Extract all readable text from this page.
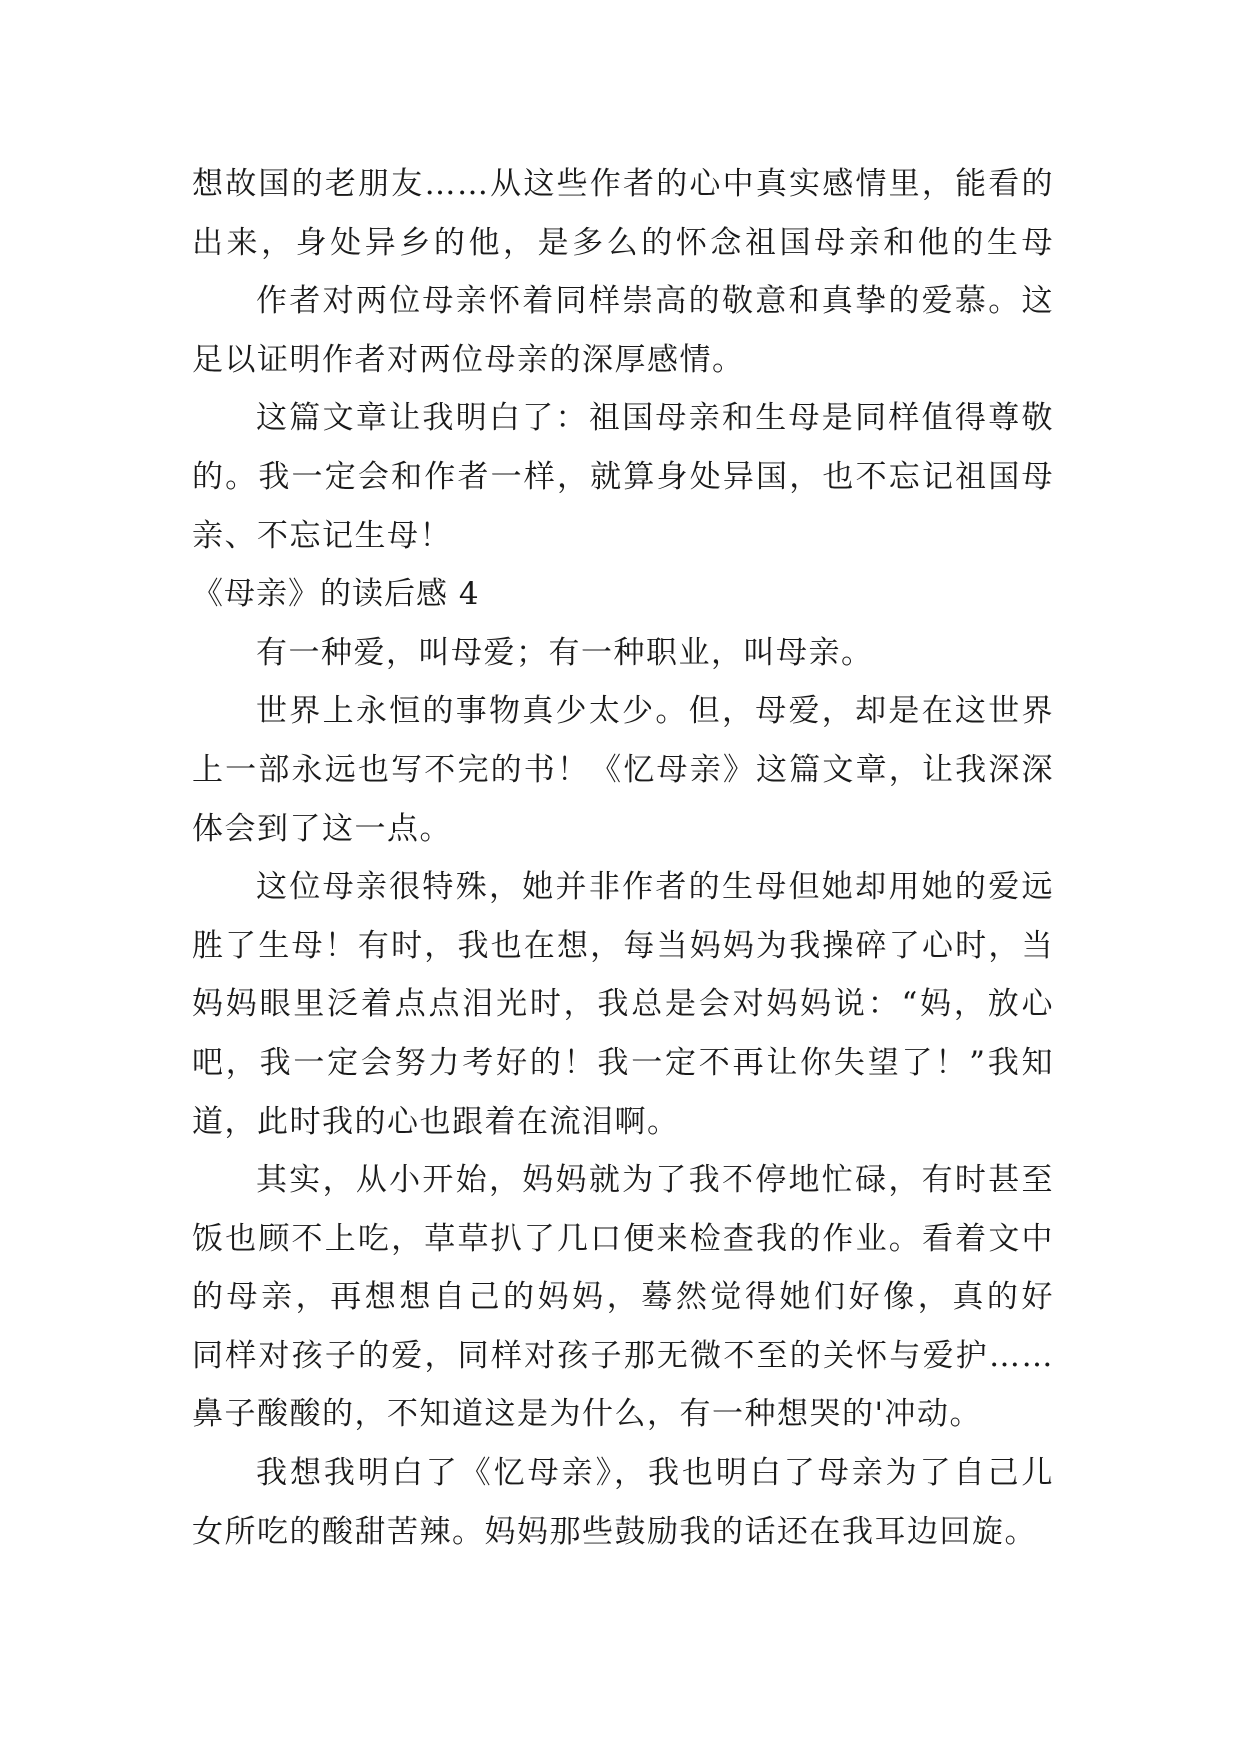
想故国的老朋友……从这些作者的心中真实感情里，能看的
出来，身处异乡的他，是多么的怀念祖国母亲和他的生母
作者对两位母亲怀着同样崇高的敬意和真挚的爱慕。这
足以证明作者对两位母亲的深厚感情。
这篇文章让我明白了：祖国母亲和生母是同样值得尊敬
的。我一定会和作者一样，就算身处异国，也不忘记祖国母
亲、不忘记生母！
《母亲》的读后感 4
有一种爱，叫母爱；有一种职业，叫母亲。
世界上永恒的事物真少太少。但，母爱，却是在这世界
上一部永远也写不完的书！《忆母亲》这篇文章，让我深深
体会到了这一点。
这位母亲很特殊，她并非作者的生母但她却用她的爱远
胜了生母！有时，我也在想，每当妈妈为我操碎了心时，当
妈妈眼里泛着点点泪光时，我总是会对妈妈说：“妈，放心
吧，我一定会努力考好的！我一定不再让你失望了！”我知
道，此时我的心也跟着在流泪啊。
其实，从小开始，妈妈就为了我不停地忙碌，有时甚至
饭也顾不上吃，草草扒了几口便来检查我的作业。看着文中
的母亲，再想想自己的妈妈，蓦然觉得她们好像，真的好
同样对孩子的爱，同样对孩子那无微不至的关怀与爱护……
鼻子酸酸的，不知道这是为什么，有一种想哭的'冲动。
我想我明白了《忆母亲》，我也明白了母亲为了自己儿
女所吃的酸甜苦辣。妈妈那些鼓励我的话还在我耳边回旋。
